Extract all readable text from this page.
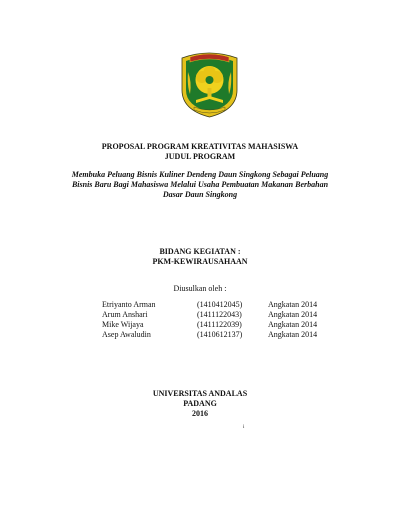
PROPOSAL PROGRAM KREATIVITAS MAHASISWA
JUDUL PROGRAM
Membuka Peluang Bisnis Kuliner Dendeng Daun Singkong Sebagai Peluang
Bisnis Baru Bagi Mahasiswa Melalui Usaha Pembuatan Makanan Berbahan
Dasar Daun Singkong
BIDANG KEGIATAN :
PKM-KEWIRAUSAHAAN
Diusulkan oleh :
Etriyanto Arman	(1410412045)	Angkatan 2014
Arum Anshari	(1411122043)	Angkatan 2014
Mike Wijaya	(1411122039)	Angkatan 2014
Asep Awaludin	(1410612137)	Angkatan 2014
UNIVERSITAS ANDALAS
PADANG
2016
i
